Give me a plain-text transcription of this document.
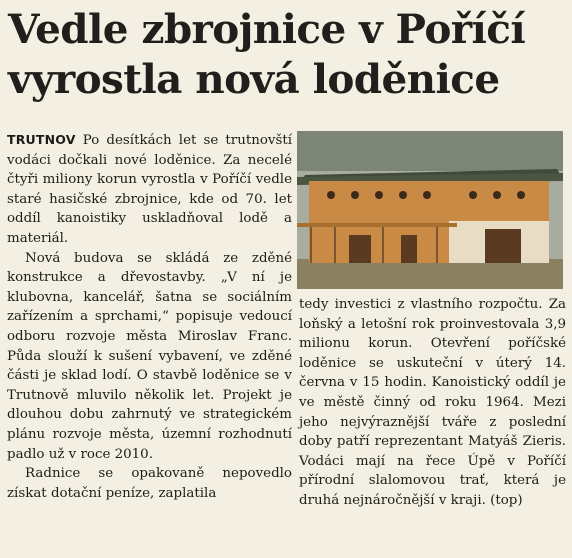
Vedle zbrojnice v Poříčí
vyrostla nová loděnice

TRUTNOV Po desítkách let se trutnovští vodáci dočkali nové loděnice. Za necelé čtyři miliony korun vyrostla v Poříčí vedle staré hasičské zbrojnice, kde od 70. let oddíl kanoistiky uskladňoval lodě a materiál.

Nová budova se skládá ze zděné konstrukce a dřevostavby. „V ní je klubovna, kancelář, šatna se sociálním zařízením a sprchami,“ popisuje vedoucí odboru rozvoje města Miroslav Franc. Půda slouží k sušení vybavení, ve zděné části je sklad lodí. O stavbě loděnice se v Trutnově mluvilo několik let. Projekt je dlouhou dobu zahrnutý ve strategickém plánu rozvoje města, územní rozhodnutí padlo už v roce 2010.

Radnice se opakovaně nepovedlo získat dotační peníze, zaplatila

tedy investici z vlastního rozpočtu. Za loňský a letošní rok proinvestovala 3,9 milionu korun. Otevření poříčské loděnice se uskuteční v úterý 14. června v 15 hodin. Kanoistický oddíl je ve městě činný od roku 1964. Mezi jeho nejvýraznější tváře z poslední doby patří reprezentant Matyáš Zieris. Vodáci mají na řece Úpě v Poříčí přírodní slalomovou trať, která je druhá nejnáročnější v kraji. (top)
